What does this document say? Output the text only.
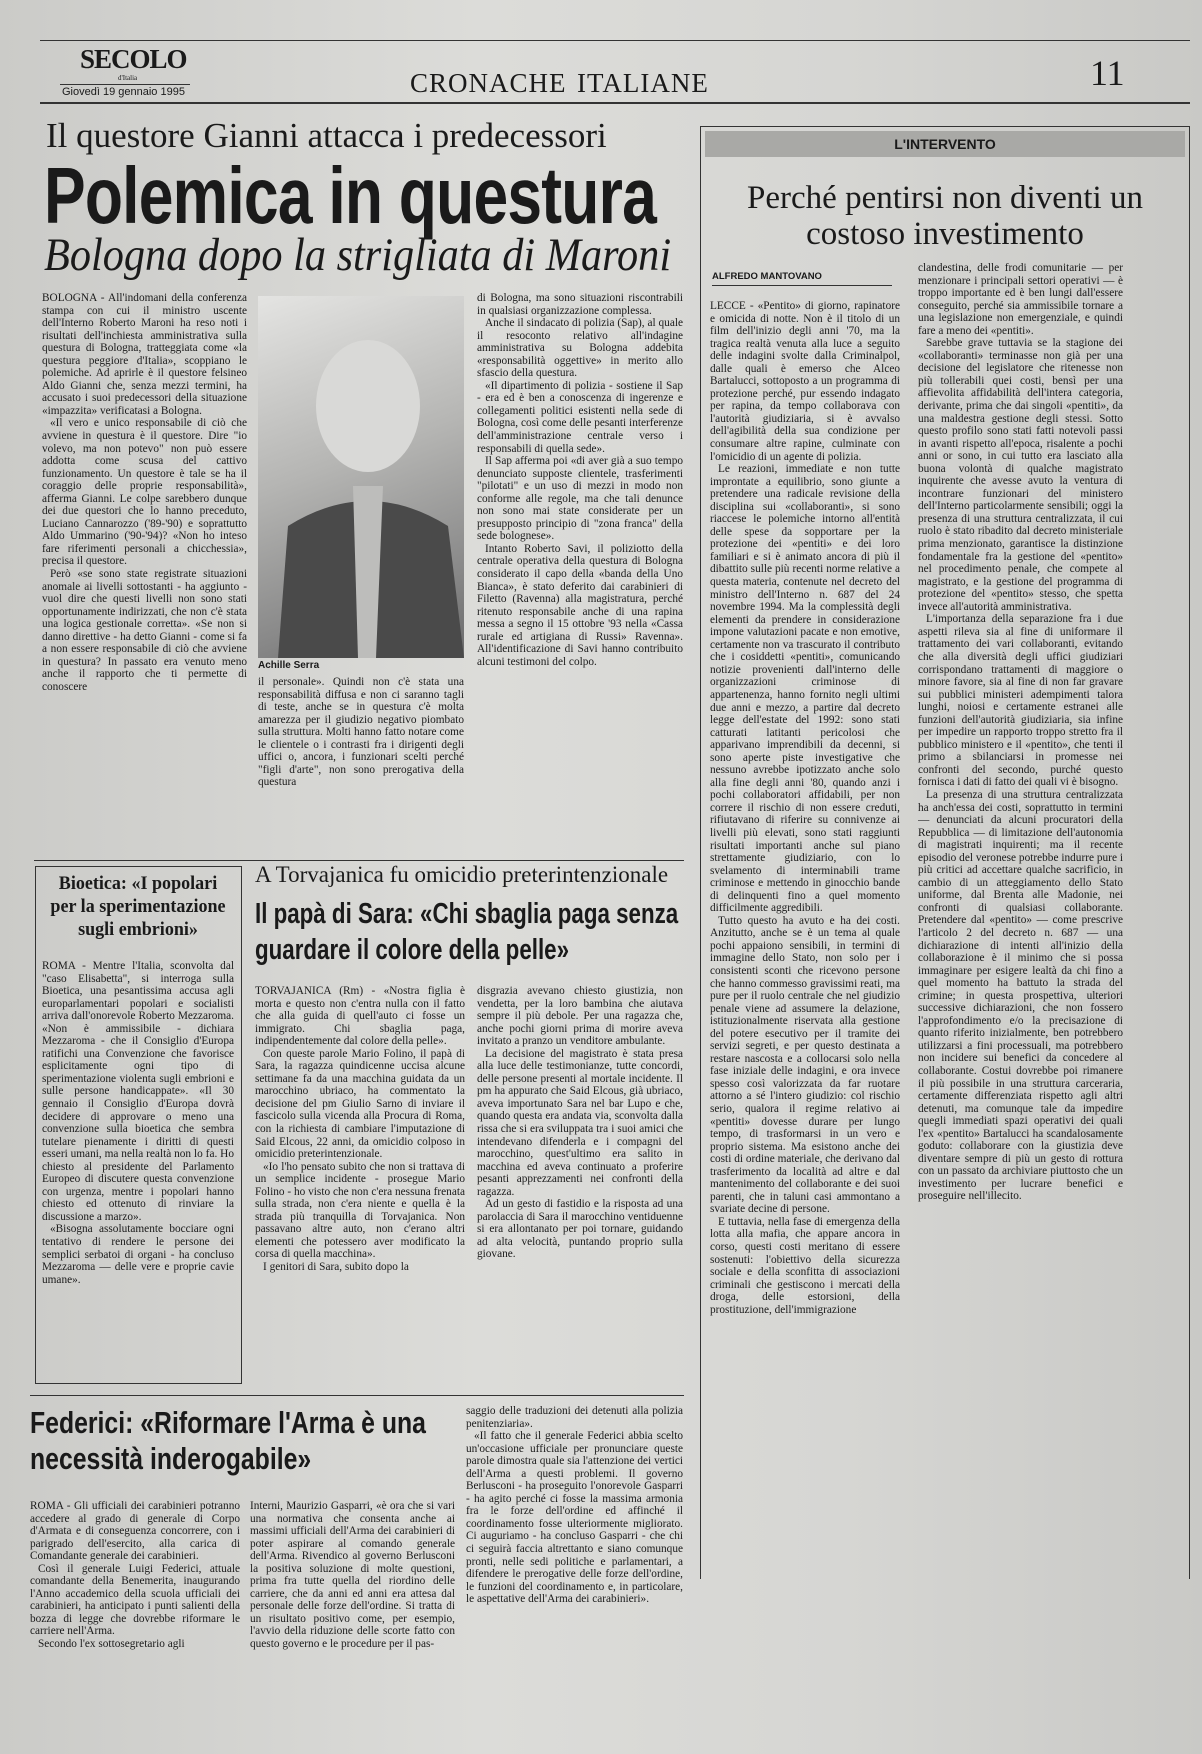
SECOLO
d'Italia
Giovedì 19 gennaio 1995	cronache italiane	11
Il questore Gianni attacca i predecessori
Polemica in questura
Bologna dopo la strigliata di Maroni

BOLOGNA - All'indomani della conferenza stampa con cui il ministro uscente dell'Interno Roberto Maroni ha reso noti i risultati dell'inchiesta amministrativa sulla questura di Bologna, tratteggiata come «la questura peggiore d'Italia», scoppiano le polemiche. Ad aprirle è il questore felsineo Aldo Gianni che, senza mezzi termini, ha accusato i suoi predecessori della situazione «impazzita» verificatasi a Bologna.

«Il vero e unico responsabile di ciò che avviene in questura è il questore. Dire "io volevo, ma non potevo" non può essere addotta come scusa del cattivo funzionamento. Un questore è tale se ha il coraggio delle proprie responsabilità», afferma Gianni. Le colpe sarebbero dunque dei due questori che lo hanno preceduto, Luciano Cannarozzo ('89-'90) e soprattutto Aldo Ummarino ('90-'94)? «Non ho inteso fare riferimenti personali a chicchessia», precisa il questore.

Però «se sono state registrate situazioni anomale ai livelli sottostanti - ha aggiunto - vuol dire che questi livelli non sono stati opportunamente indirizzati, che non c'è stata una logica gestionale corretta». «Se non si danno direttive - ha detto Gianni - come si fa a non essere responsabile di ciò che avviene in questura? In passato era venuto meno anche il rapporto che ti permette di conoscere

Achille Serra

il personale». Quindi non c'è stata una responsabilità diffusa e non ci saranno tagli di teste, anche se in questura c'è molta amarezza per il giudizio negativo piombato sulla struttura. Molti hanno fatto notare come le clientele o i contrasti fra i dirigenti degli uffici o, ancora, i funzionari scelti perché "figli d'arte", non sono prerogativa della questura

di Bologna, ma sono situazioni riscontrabili in qualsiasi organizzazione complessa.

Anche il sindacato di polizia (Sap), al quale il resoconto relativo all'indagine amministrativa su Bologna addebita «responsabilità oggettive» in merito allo sfascio della questura.

«Il dipartimento di polizia - sostiene il Sap - era ed è ben a conoscenza di ingerenze e collegamenti politici esistenti nella sede di Bologna, così come delle pesanti interferenze dell'amministrazione centrale verso i responsabili di quella sede».

Il Sap afferma poi «di aver già a suo tempo denunciato supposte clientele, trasferimenti "pilotati" e un uso di mezzi in modo non conforme alle regole, ma che tali denunce non sono mai state considerate per un presupposto principio di "zona franca" della sede bolognese».

Intanto Roberto Savi, il poliziotto della centrale operativa della questura di Bologna considerato il capo della «banda della Uno Bianca», è stato deferito dai carabinieri di Filetto (Ravenna) alla magistratura, perché ritenuto responsabile anche di una rapina messa a segno il 15 ottobre '93 nella «Cassa rurale ed artigiana di Russi» Ravenna». All'identificazione di Savi hanno contribuito alcuni testimoni del colpo.

L'INTERVENTO
Perché pentirsi non diventi un costoso investimento
ALFREDO MANTOVANO

LECCE - «Pentito» di giorno, rapinatore e omicida di notte. Non è il titolo di un film dell'inizio degli anni '70, ma la tragica realtà venuta alla luce a seguito delle indagini svolte dalla Criminalpol, dalle quali è emerso che Alceo Bartalucci, sottoposto a un programma di protezione perché, pur essendo indagato per rapina, da tempo collaborava con l'autorità giudiziaria, si è avvalso dell'agibilità della sua condizione per consumare altre rapine, culminate con l'omicidio di un agente di polizia.

Le reazioni, immediate e non tutte improntate a equilibrio, sono giunte a pretendere una radicale revisione della disciplina sui «collaboranti», si sono riaccese le polemiche intorno all'entità delle spese da sopportare per la protezione dei «pentiti» e dei loro familiari e si è animato ancora di più il dibattito sulle più recenti norme relative a questa materia, contenute nel decreto del ministro dell'Interno n. 687 del 24 novembre 1994. Ma la complessità degli elementi da prendere in considerazione impone valutazioni pacate e non emotive, certamente non va trascurato il contributo che i cosiddetti «pentiti», comunicando notizie provenienti dall'interno delle organizzazioni criminose di appartenenza, hanno fornito negli ultimi due anni e mezzo, a partire dal decreto legge dell'estate del 1992: sono stati catturati latitanti pericolosi che apparivano imprendibili da decenni, si sono aperte piste investigative che nessuno avrebbe ipotizzato anche solo alla fine degli anni '80, quando anzi i pochi collaboratori affidabili, per non correre il rischio di non essere creduti, rifiutavano di riferire su connivenze ai livelli più elevati, sono stati raggiunti risultati importanti anche sul piano strettamente giudiziario, con lo svelamento di interminabili trame criminose e mettendo in ginocchio bande di delinquenti fino a quel momento difficilmente aggredibili.

Tutto questo ha avuto e ha dei costi. Anzitutto, anche se è un tema al quale pochi appaiono sensibili, in termini di immagine dello Stato, non solo per i consistenti sconti che ricevono persone che hanno commesso gravissimi reati, ma pure per il ruolo centrale che nel giudizio penale viene ad assumere la delazione, istituzionalmente riservata alla gestione del potere esecutivo per il tramite dei servizi segreti, e per questo destinata a restare nascosta e a collocarsi solo nella fase iniziale delle indagini, e ora invece spesso così valorizzata da far ruotare attorno a sé l'intero giudizio: col rischio serio, qualora il regime relativo ai «pentiti» dovesse durare per lungo tempo, di trasformarsi in un vero e proprio sistema. Ma esistono anche dei costi di ordine materiale, che derivano dal trasferimento da località ad altre e dal mantenimento del collaborante e dei suoi parenti, che in taluni casi ammontano a svariate decine di persone.

E tuttavia, nella fase di emergenza della lotta alla mafia, che appare ancora in corso, questi costi meritano di essere sostenuti: l'obiettivo della sicurezza sociale e della sconfitta di associazioni criminali che gestiscono i mercati della droga, delle estorsioni, della prostituzione, dell'immigrazione

clandestina, delle frodi comunitarie — per menzionare i principali settori operativi — è troppo importante ed è ben lungi dall'essere conseguito, perché sia ammissibile tornare a una legislazione non emergenziale, e quindi fare a meno dei «pentiti».

Sarebbe grave tuttavia se la stagione dei «collaboranti» terminasse non già per una decisione del legislatore che ritenesse non più tollerabili quei costi, bensì per una affievolita affidabilità dell'intera categoria, derivante, prima che dai singoli «pentiti», da una maldestra gestione degli stessi. Sotto questo profilo sono stati fatti notevoli passi in avanti rispetto all'epoca, risalente a pochi anni or sono, in cui tutto era lasciato alla buona volontà di qualche magistrato inquirente che avesse avuto la ventura di incontrare funzionari del ministero dell'Interno particolarmente sensibili; oggi la presenza di una struttura centralizzata, il cui ruolo è stato ribadito dal decreto ministeriale prima menzionato, garantisce la distinzione fondamentale fra la gestione del «pentito» nel procedimento penale, che compete al magistrato, e la gestione del programma di protezione del «pentito» stesso, che spetta invece all'autorità amministrativa.

L'importanza della separazione fra i due aspetti rileva sia al fine di uniformare il trattamento dei vari collaboranti, evitando che alla diversità degli uffici giudiziari corrispondano trattamenti di maggiore o minore favore, sia al fine di non far gravare sui pubblici ministeri adempimenti talora lunghi, noiosi e certamente estranei alle funzioni dell'autorità giudiziaria, sia infine per impedire un rapporto troppo stretto fra il pubblico ministero e il «pentito», che tenti il primo a sbilanciarsi in promesse nei confronti del secondo, purché questo fornisca i dati di fatto dei quali vi è bisogno.

La presenza di una struttura centralizzata ha anch'essa dei costi, soprattutto in termini — denunciati da alcuni procuratori della Repubblica — di limitazione dell'autonomia di magistrati inquirenti; ma il recente episodio del veronese potrebbe indurre pure i più critici ad accettare qualche sacrificio, in cambio di un atteggiamento dello Stato uniforme, dal Brenta alle Madonie, nei confronti di qualsiasi collaborante. Pretendere dal «pentito» — come prescrive l'articolo 2 del decreto n. 687 — una dichiarazione di intenti all'inizio della collaborazione è il minimo che si possa immaginare per esigere lealtà da chi fino a quel momento ha battuto la strada del crimine; in questa prospettiva, ulteriori successive dichiarazioni, che non fossero l'approfondimento e/o la precisazione di quanto riferito inizialmente, ben potrebbero utilizzarsi a fini processuali, ma potrebbero non incidere sui benefici da concedere al collaborante. Costui dovrebbe poi rimanere il più possibile in una struttura carceraria, certamente differenziata rispetto agli altri detenuti, ma comunque tale da impedire quegli immediati spazi operativi dei quali l'ex «pentito» Bartalucci ha scandalosamente goduto: collaborare con la giustizia deve diventare sempre di più un gesto di rottura con un passato da archiviare piuttosto che un investimento per lucrare benefici e proseguire nell'illecito.

Bioetica: «I popolari per la sperimentazione sugli embrioni»

ROMA - Mentre l'Italia, sconvolta dal "caso Elisabetta", si interroga sulla Bioetica, una pesantissima accusa agli europarlamentari popolari e socialisti arriva dall'onorevole Roberto Mezzaroma. «Non è ammissibile - dichiara Mezzaroma - che il Consiglio d'Europa ratifichi una Convenzione che favorisce esplicitamente ogni tipo di sperimentazione violenta sugli embrioni e sulle persone handicappate». «Il 30 gennaio il Consiglio d'Europa dovrà decidere di approvare o meno una convenzione sulla bioetica che sembra tutelare pienamente i diritti di questi esseri umani, ma nella realtà non lo fa. Ho chiesto al presidente del Parlamento Europeo di discutere questa convenzione con urgenza, mentre i popolari hanno chiesto ed ottenuto di rinviare la discussione a marzo».

«Bisogna assolutamente bocciare ogni tentativo di rendere le persone dei semplici serbatoi di organi - ha concluso Mezzaroma — delle vere e proprie cavie umane».

A Torvajanica fu omicidio preterintenzionale
Il papà di Sara: «Chi sbaglia paga senza guardare il colore della pelle»

TORVAJANICA (Rm) - «Nostra figlia è morta e questo non c'entra nulla con il fatto che alla guida di quell'auto ci fosse un immigrato. Chi sbaglia paga, indipendentemente dal colore della pelle».

Con queste parole Mario Folino, il papà di Sara, la ragazza quindicenne uccisa alcune settimane fa da una macchina guidata da un marocchino ubriaco, ha commentato la decisione del pm Giulio Sarno di inviare il fascicolo sulla vicenda alla Procura di Roma, con la richiesta di cambiare l'imputazione di Said Elcous, 22 anni, da omicidio colposo in omicidio preterintenzionale.

«Io l'ho pensato subito che non si trattava di un semplice incidente - prosegue Mario Folino - ho visto che non c'era nessuna frenata sulla strada, non c'era niente e quella è la strada più tranquilla di Torvajanica. Non passavano altre auto, non c'erano altri elementi che potessero aver modificato la corsa di quella macchina».

I genitori di Sara, subito dopo la

disgrazia avevano chiesto giustizia, non vendetta, per la loro bambina che aiutava sempre il più debole. Per una ragazza che, anche pochi giorni prima di morire aveva invitato a pranzo un venditore ambulante.

La decisione del magistrato è stata presa alla luce delle testimonianze, tutte concordi, delle persone presenti al mortale incidente. Il pm ha appurato che Said Elcous, già ubriaco, aveva importunato Sara nel bar Lupo e che, quando questa era andata via, sconvolta dalla rissa che si era sviluppata tra i suoi amici che intendevano difenderla e i compagni del marocchino, quest'ultimo era salito in macchina ed aveva continuato a proferire pesanti apprezzamenti nei confronti della ragazza.

Ad un gesto di fastidio e la risposta ad una parolaccia di Sara il marocchino ventiduenne si era allontanato per poi tornare, guidando ad alta velocità, puntando proprio sulla giovane.

Federici: «Riformare l'Arma è una necessità inderogabile»

ROMA - Gli ufficiali dei carabinieri potranno accedere al grado di generale di Corpo d'Armata e di conseguenza concorrere, con i parigrado dell'esercito, alla carica di Comandante generale dei carabinieri.

Così il generale Luigi Federici, attuale comandante della Benemerita, inaugurando l'Anno accademico della scuola ufficiali dei carabinieri, ha anticipato i punti salienti della bozza di legge che dovrebbe riformare le carriere nell'Arma.

Secondo l'ex sottosegretario agli

Interni, Maurizio Gasparri, «è ora che si vari una normativa che consenta anche ai massimi ufficiali dell'Arma dei carabinieri di poter aspirare al comando generale dell'Arma. Rivendico al governo Berlusconi la positiva soluzione di molte questioni, prima fra tutte quella del riordino delle carriere, che da anni ed anni era attesa dal personale delle forze dell'ordine. Si tratta di un risultato positivo come, per esempio, l'avvio della riduzione delle scorte fatto con questo governo e le procedure per il pas-

saggio delle traduzioni dei detenuti alla polizia penitenziaria».

«Il fatto che il generale Federici abbia scelto un'occasione ufficiale per pronunciare queste parole dimostra quale sia l'attenzione dei vertici dell'Arma a questi problemi. Il governo Berlusconi - ha proseguito l'onorevole Gasparri - ha agito perché ci fosse la massima armonia fra le forze dell'ordine ed affinché il coordinamento fosse ulteriormente migliorato. Ci auguriamo - ha concluso Gasparri - che chi ci seguirà faccia altrettanto e siano comunque pronti, nelle sedi politiche e parlamentari, a difendere le prerogative delle forze dell'ordine, le funzioni del coordinamento e, in particolare, le aspettative dell'Arma dei carabinieri».
